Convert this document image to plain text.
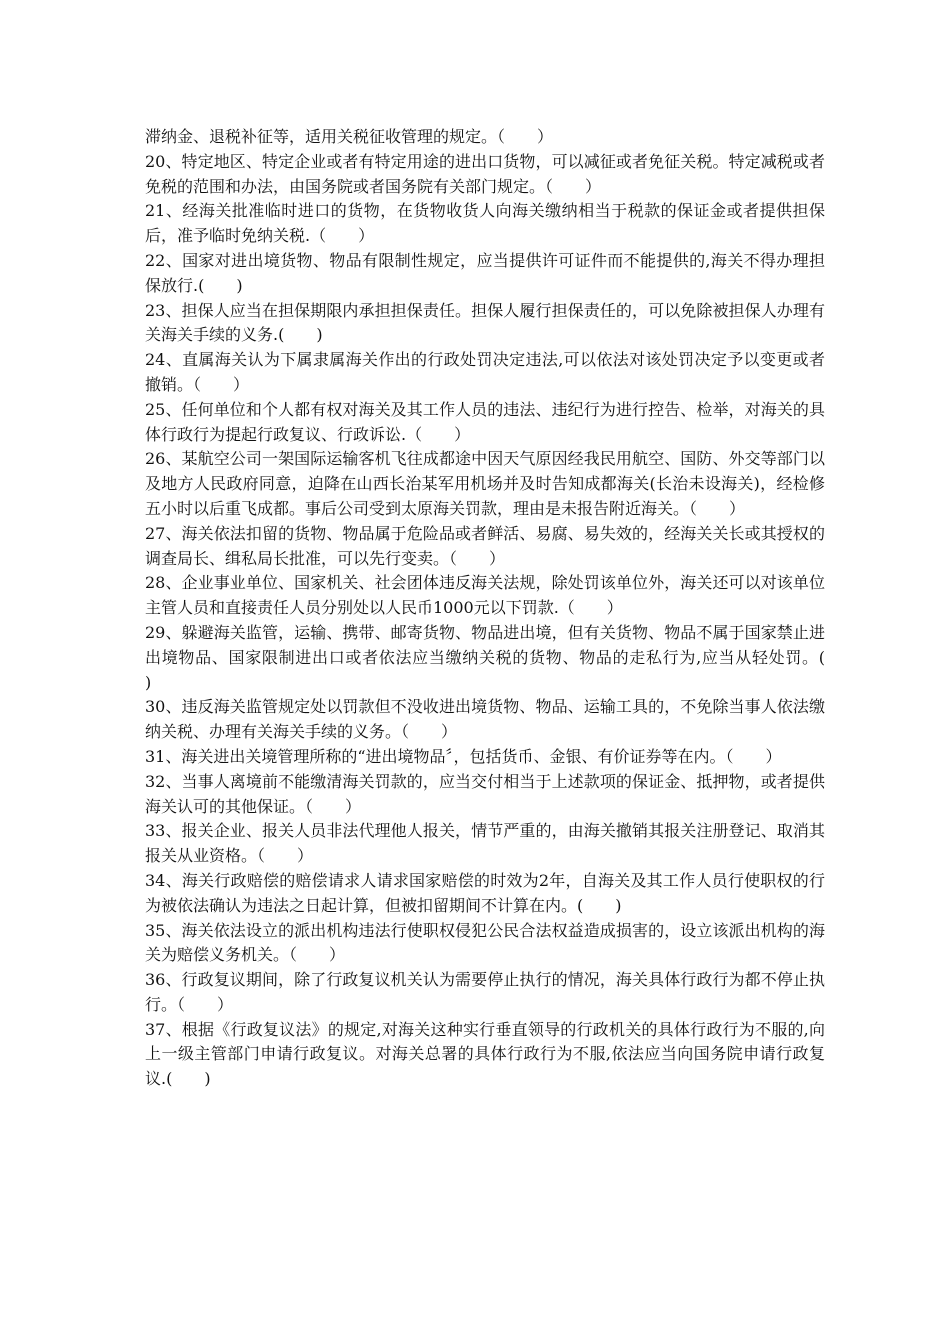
滞纳金、退税补征等，适用关税征收管理的规定。（　　）

20、特定地区、特定企业或者有特定用途的进出口货物，可以减征或者免征关税。特定减税或者免税的范围和办法，由国务院或者国务院有关部门规定。（　　）

21、经海关批准临时进口的货物，在货物收货人向海关缴纳相当于税款的保证金或者提供担保后，准予临时免纳关税.（　　）

22、国家对进出境货物、物品有限制性规定，应当提供许可证件而不能提供的,海关不得办理担保放行.(　　)

23、担保人应当在担保期限内承担担保责任。担保人履行担保责任的，可以免除被担保人办理有关海关手续的义务.(　　)

24、直属海关认为下属隶属海关作出的行政处罚决定违法,可以依法对该处罚决定予以变更或者撤销。（　　）

25、任何单位和个人都有权对海关及其工作人员的违法、违纪行为进行控告、检举，对海关的具体行政行为提起行政复议、行政诉讼.（　　）

26、某航空公司一架国际运输客机飞往成都途中因天气原因经我民用航空、国防、外交等部门以及地方人民政府同意，迫降在山西长治某军用机场并及时告知成都海关(长治未设海关)，经检修五小时以后重飞成都。事后公司受到太原海关罚款，理由是未报告附近海关。（　　）

27、海关依法扣留的货物、物品属于危险品或者鲜活、易腐、易失效的，经海关关长或其授权的调查局长、缉私局长批准，可以先行变卖。（　　）

28、企业事业单位、国家机关、社会团体违反海关法规，除处罚该单位外，海关还可以对该单位主管人员和直接责任人员分别处以人民币1000元以下罚款.（　　）

29、躲避海关监管，运输、携带、邮寄货物、物品进出境，但有关货物、物品不属于国家禁止进出境物品、国家限制进出口或者依法应当缴纳关税的货物、物品的走私行为,应当从轻处罚。(　　)

30、违反海关监管规定处以罚款但不没收进出境货物、物品、运输工具的，不免除当事人依法缴纳关税、办理有关海关手续的义务。（　　）

31、海关进出关境管理所称的“进出境物品〞，包括货币、金银、有价证券等在内。（　　）

32、当事人离境前不能缴清海关罚款的，应当交付相当于上述款项的保证金、抵押物，或者提供海关认可的其他保证。（　　）

33、报关企业、报关人员非法代理他人报关，情节严重的，由海关撤销其报关注册登记、取消其报关从业资格。（　　）

34、海关行政赔偿的赔偿请求人请求国家赔偿的时效为2年，自海关及其工作人员行使职权的行为被依法确认为违法之日起计算，但被扣留期间不计算在内。(　　)

35、海关依法设立的派出机构违法行使职权侵犯公民合法权益造成损害的，设立该派出机构的海关为赔偿义务机关。（　　）

36、行政复议期间，除了行政复议机关认为需要停止执行的情况，海关具体行政行为都不停止执行。（　　）

37、根据《行政复议法》的规定,对海关这种实行垂直领导的行政机关的具体行政行为不服的,向上一级主管部门申请行政复议。对海关总署的具体行政行为不服,依法应当向国务院申请行政复议.(　　)
